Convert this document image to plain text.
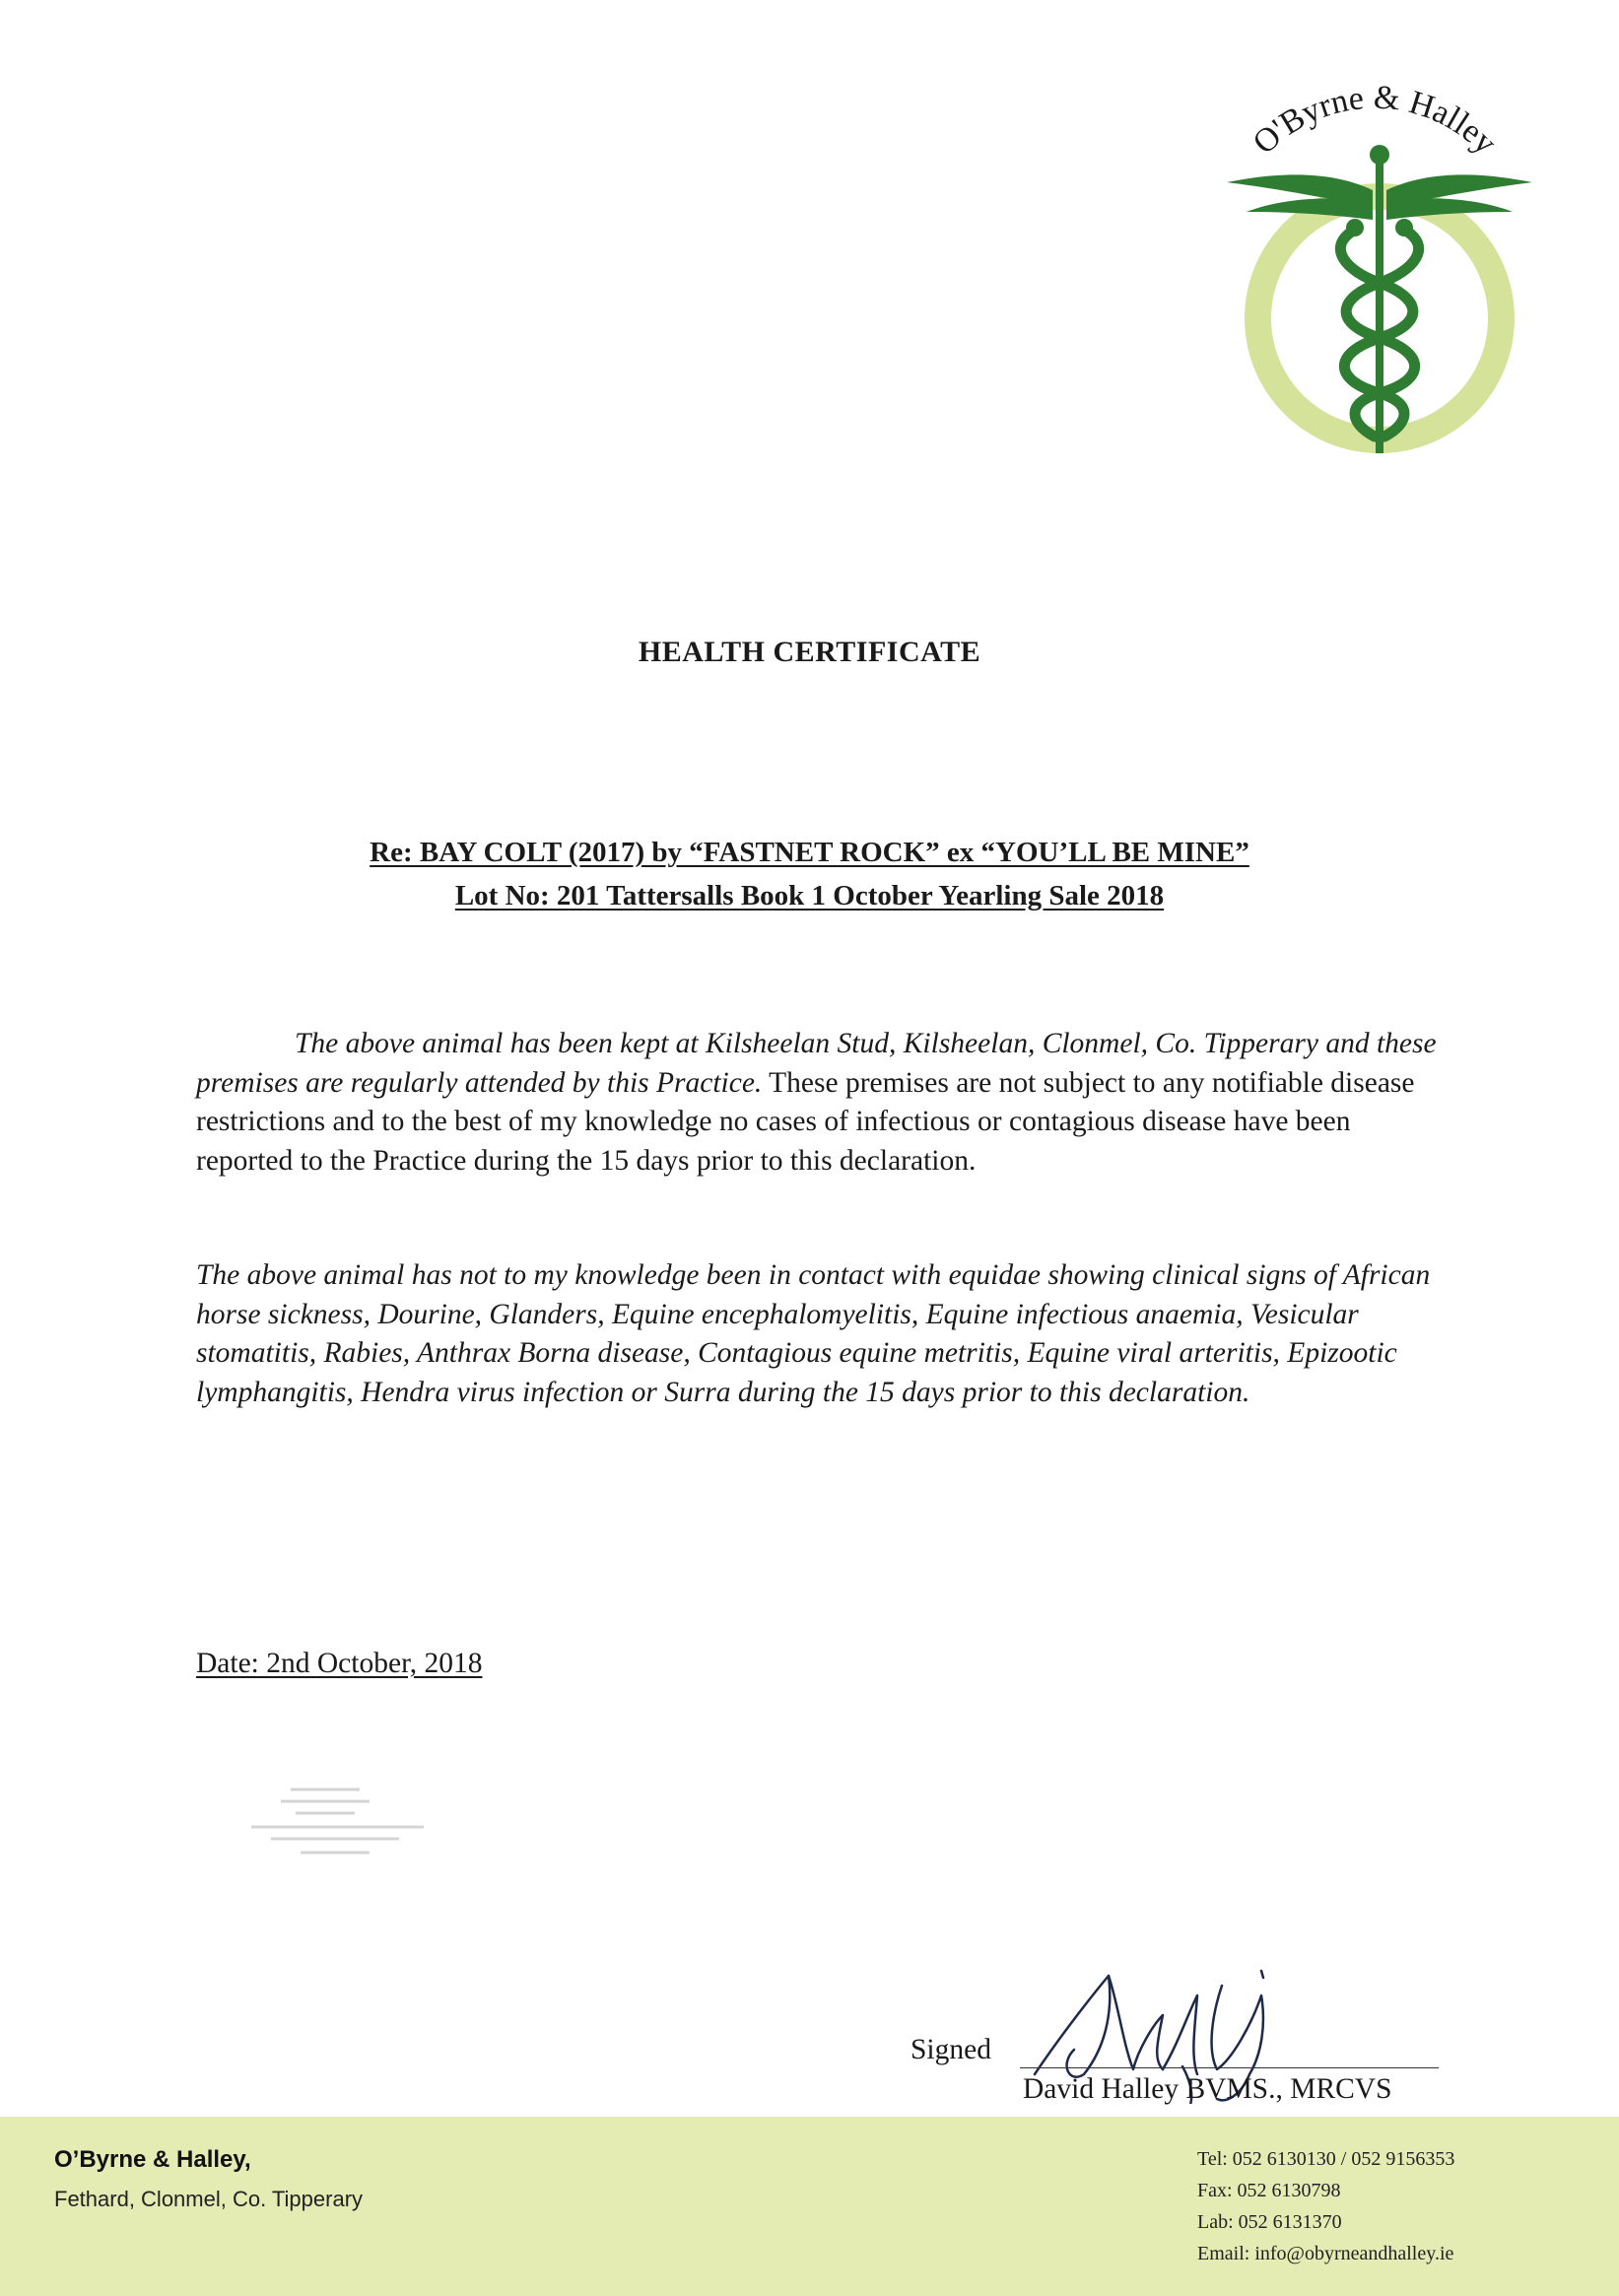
O'Byrne & Halley
HEALTH CERTIFICATE
Re: BAY COLT (2017) by “FASTNET ROCK” ex “YOU’LL BE MINE”
Lot No: 201 Tattersalls Book 1 October Yearling Sale 2018

The above animal has been kept at Kilsheelan Stud, Kilsheelan, Clonmel, Co. Tipperary and these premises are regularly attended by this Practice. These premises are not subject to any notifiable disease restrictions and to the best of my knowledge no cases of infectious or contagious disease have been reported to the Practice during the 15 days prior to this declaration.

The above animal has not to my knowledge been in contact with equidae showing clinical signs of African horse sickness, Dourine, Glanders, Equine encephalomyelitis, Equine infectious anaemia, Vesicular stomatitis, Rabies, Anthrax Borna disease, Contagious equine metritis, Equine viral arteritis, Epizootic lymphangitis, Hendra virus infection or Surra during the 15 days prior to this declaration.

Date: 2nd October, 2018
Signed
David Halley BVMS., MRCVS
O’Byrne & Halley,
Fethard, Clonmel, Co. Tipperary
Tel: 052 6130130 / 052 9156353
Fax: 052 6130798
Lab: 052 6131370
Email: info@obyrneandhalley.ie
